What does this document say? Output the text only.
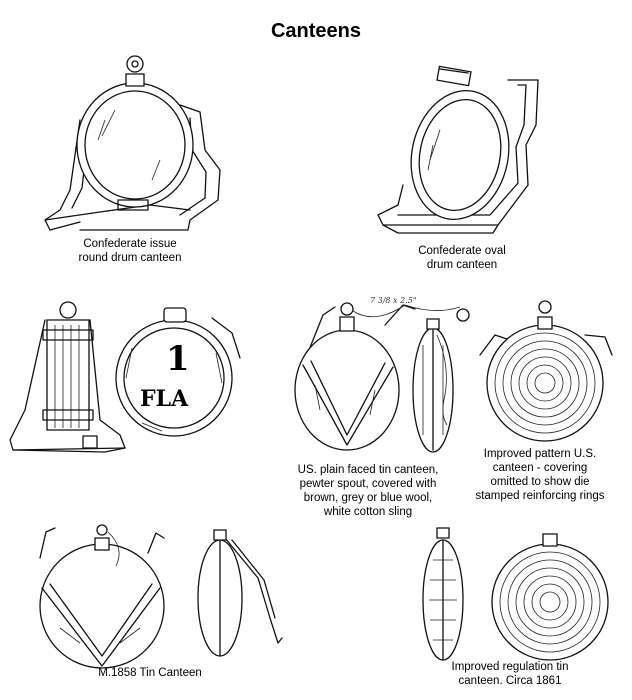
Canteens
Confederate issue
round drum canteen
Confederate oval
drum canteen
1
FLA
7 3/8 x 2.5"
US. plain faced tin canteen,
pewter spout, covered with
brown, grey or blue wool,
white cotton sling
Improved pattern U.S.
canteen - covering
omitted to show die
stamped reinforcing rings
M.1858 Tin Canteen	Improved regulation tin
canteen. Circa 1861
